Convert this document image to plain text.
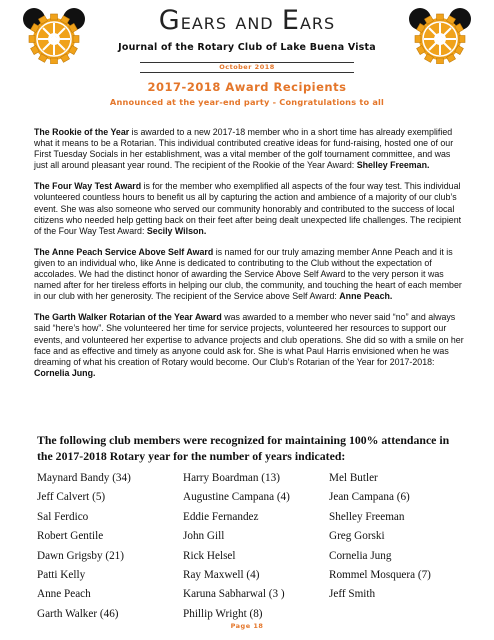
Gears and Ears
Journal of the Rotary Club of Lake Buena Vista
October 2018
2017-2018 Award Recipients
Announced at the year-end party - Congratulations to all

The Rookie of the Year is awarded to a new 2017-18 member who in a short time has already exemplified what it means to be a Rotarian. This individual contributed creative ideas for fund-raising, hosted one of our First Tuesday Socials in her establishment, was a vital member of the golf tournament committee, and was just all around pleasant year round. The recipient of the Rookie of the Year Award: Shelley Freeman.

The Four Way Test Award is for the member who exemplified all aspects of the four way test. This individual volunteered countless hours to benefit us all by capturing the action and ambience of a majority of our club’s event. She was also someone who served our community honorably and contributed to the success of local citizens who needed help getting back on their feet after being dealt unexpected life challenges. The recipient of the Four Way Test Award: Secily Wilson.

The Anne Peach Service Above Self Award is named for our truly amazing member Anne Peach and it is given to an individual who, like Anne is dedicated to contributing to the Club without the expectation of accolades. We had the distinct honor of awarding the Service Above Self Award to the very person it was named after for her tireless efforts in helping our club, the community, and touching the heart of each member in our club with her generosity. The recipient of the Service above Self Award: Anne Peach.

The Garth Walker Rotarian of the Year Award was awarded to a member who never said “no” and always said “here’s how”. She volunteered her time for service projects, volunteered her resources to support our events, and volunteered her expertise to advance projects and club operations. She did so with a smile on her face and as effective and timely as anyone could ask for. She is what Paul Harris envisioned when he was dreaming of what his creation of Rotary would become. Our Club’s Rotarian of the Year for 2017-2018: Cornelia Jung.

The following club members were recognized for maintaining 100% attendance in the 2017-2018 Rotary year for the number of years indicated:
Maynard Bandy (34)	Harry Boardman (13)	Mel Butler
Jeff Calvert (5)	Augustine Campana (4)	Jean Campana (6)
Sal Ferdico	Eddie Fernandez	Shelley Freeman
Robert Gentile	John Gill	Greg Gorski
Dawn Grigsby (21)	Rick Helsel	Cornelia Jung
Patti Kelly	Ray Maxwell (4)	Rommel Mosquera (7)
Anne Peach	Karuna Sabharwal (3 )	Jeff Smith
Garth Walker (46)	Phillip Wright (8)
Page 18
